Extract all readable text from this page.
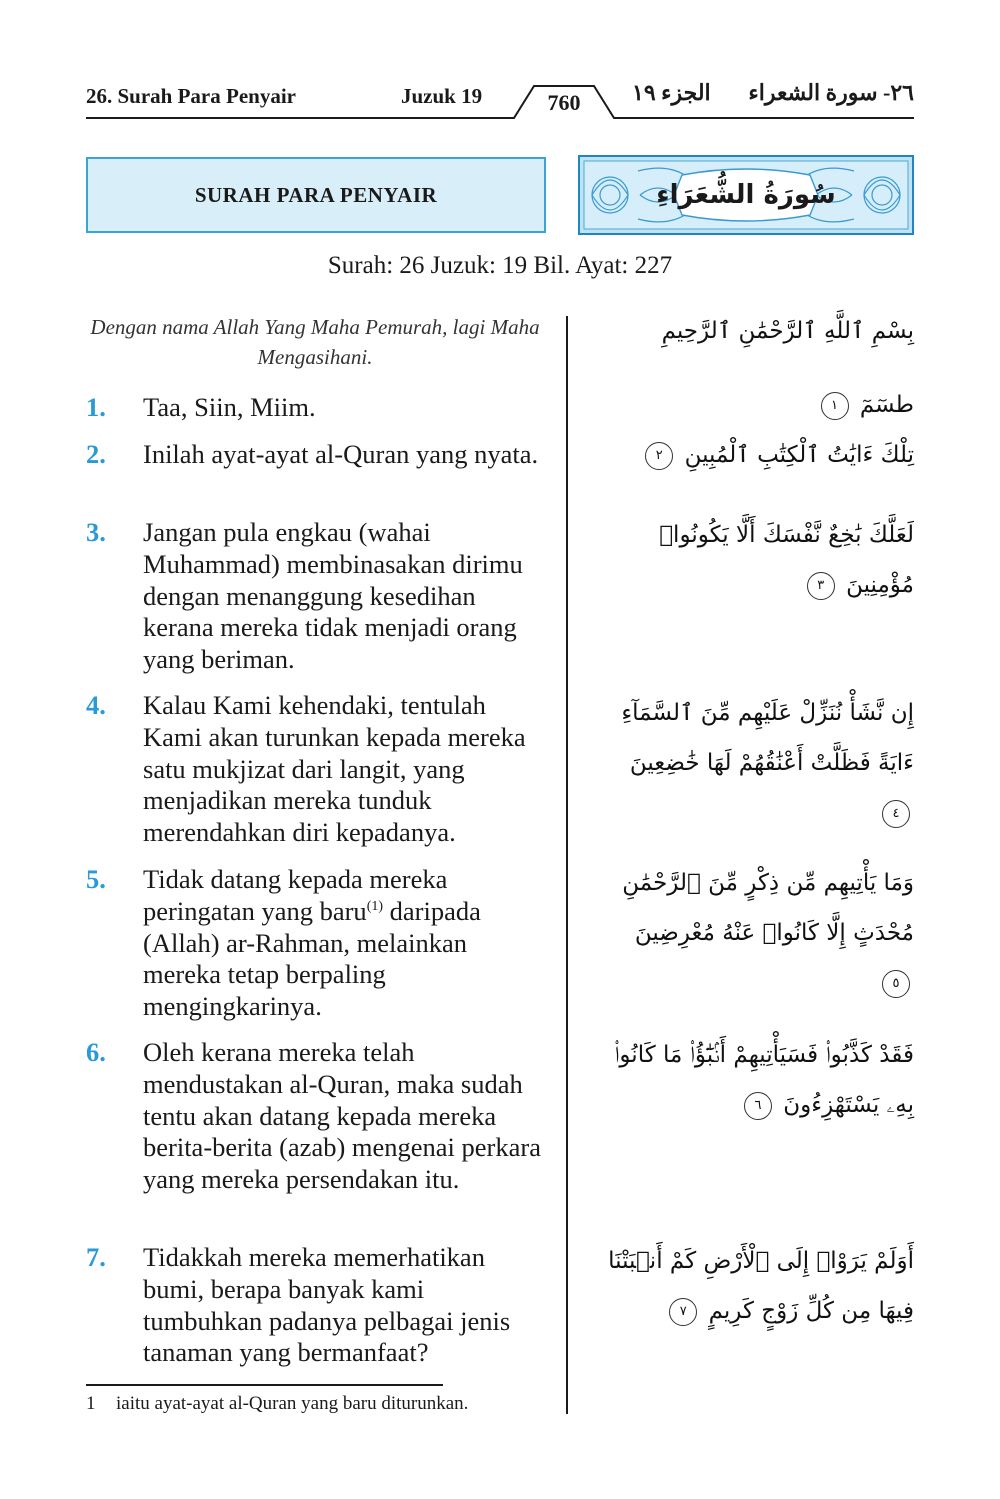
26. Surah Para Penyair	Juzuk 19	760	الجزء ١٩ ٢٦- سورة الشعراء
SURAH PARA PENYAIR	سُورَةُ الشُّعَرَاءِ
Surah: 26 Juzuk: 19 Bil. Ayat: 227
Dengan nama Allah Yang Maha Pemurah, lagi Maha Mengasihani.
بِسْمِ ٱللَّهِ ٱلرَّحْمَٰنِ ٱلرَّحِيمِ
1. Taa, Siin, Miim.
2. Inilah ayat-ayat al-Quran yang nyata.
3. Jangan pula engkau (wahai Muhammad) membinasakan dirimu dengan menanggung kesedihan kerana mereka tidak menjadi orang yang beriman.
4. Kalau Kami kehendaki, tentulah Kami akan turunkan kepada mereka satu mukjizat dari langit, yang menjadikan mereka tunduk merendahkan diri kepadanya.
5. Tidak datang kepada mereka peringatan yang baru$^{(1)}$ daripada (Allah) ar-Rahman, melainkan mereka tetap berpaling mengingkarinya.
6. Oleh kerana mereka telah mendustakan al-Quran, maka sudah tentu akan datang kepada mereka berita-berita (azab) mengenai perkara yang mereka persendakan itu.
7. Tidakkah mereka memerhatikan bumi, berapa banyak kami tumbuhkan padanya pelbagai jenis tanaman yang bermanfaat?
طسٓمٓ ١
تِلْكَ ءَايَٰتُ ٱلْكِتَٰبِ ٱلْمُبِينِ ٢
لَعَلَّكَ بَٰخِعٌ نَّفْسَكَ أَلَّا يَكُونُوا۟ مُؤْمِنِينَ ٣
إِن نَّشَأْ نُنَزِّلْ عَلَيْهِم مِّنَ ٱلسَّمَآءِ ءَايَةً فَظَلَّتْ أَعْنَٰقُهُمْ لَهَا خَٰضِعِينَ ٤
وَمَا يَأْتِيهِم مِّن ذِكْرٍ مِّنَ ٱلرَّحْمَٰنِ مُحْدَثٍ إِلَّا كَانُوا۟ عَنْهُ مُعْرِضِينَ ٥
فَقَدْ كَذَّبُوا۟ فَسَيَأْتِيهِمْ أَنۢبَٰٓؤُا۟ مَا كَانُوا۟ بِهِۦ يَسْتَهْزِءُونَ ٦
أَوَلَمْ يَرَوْا۟ إِلَى ٱلْأَرْضِ كَمْ أَنۢبَتْنَا فِيهَا مِن كُلِّ زَوْجٍ كَرِيمٍ ٧
1 iaitu ayat-ayat al-Quran yang baru diturunkan.
